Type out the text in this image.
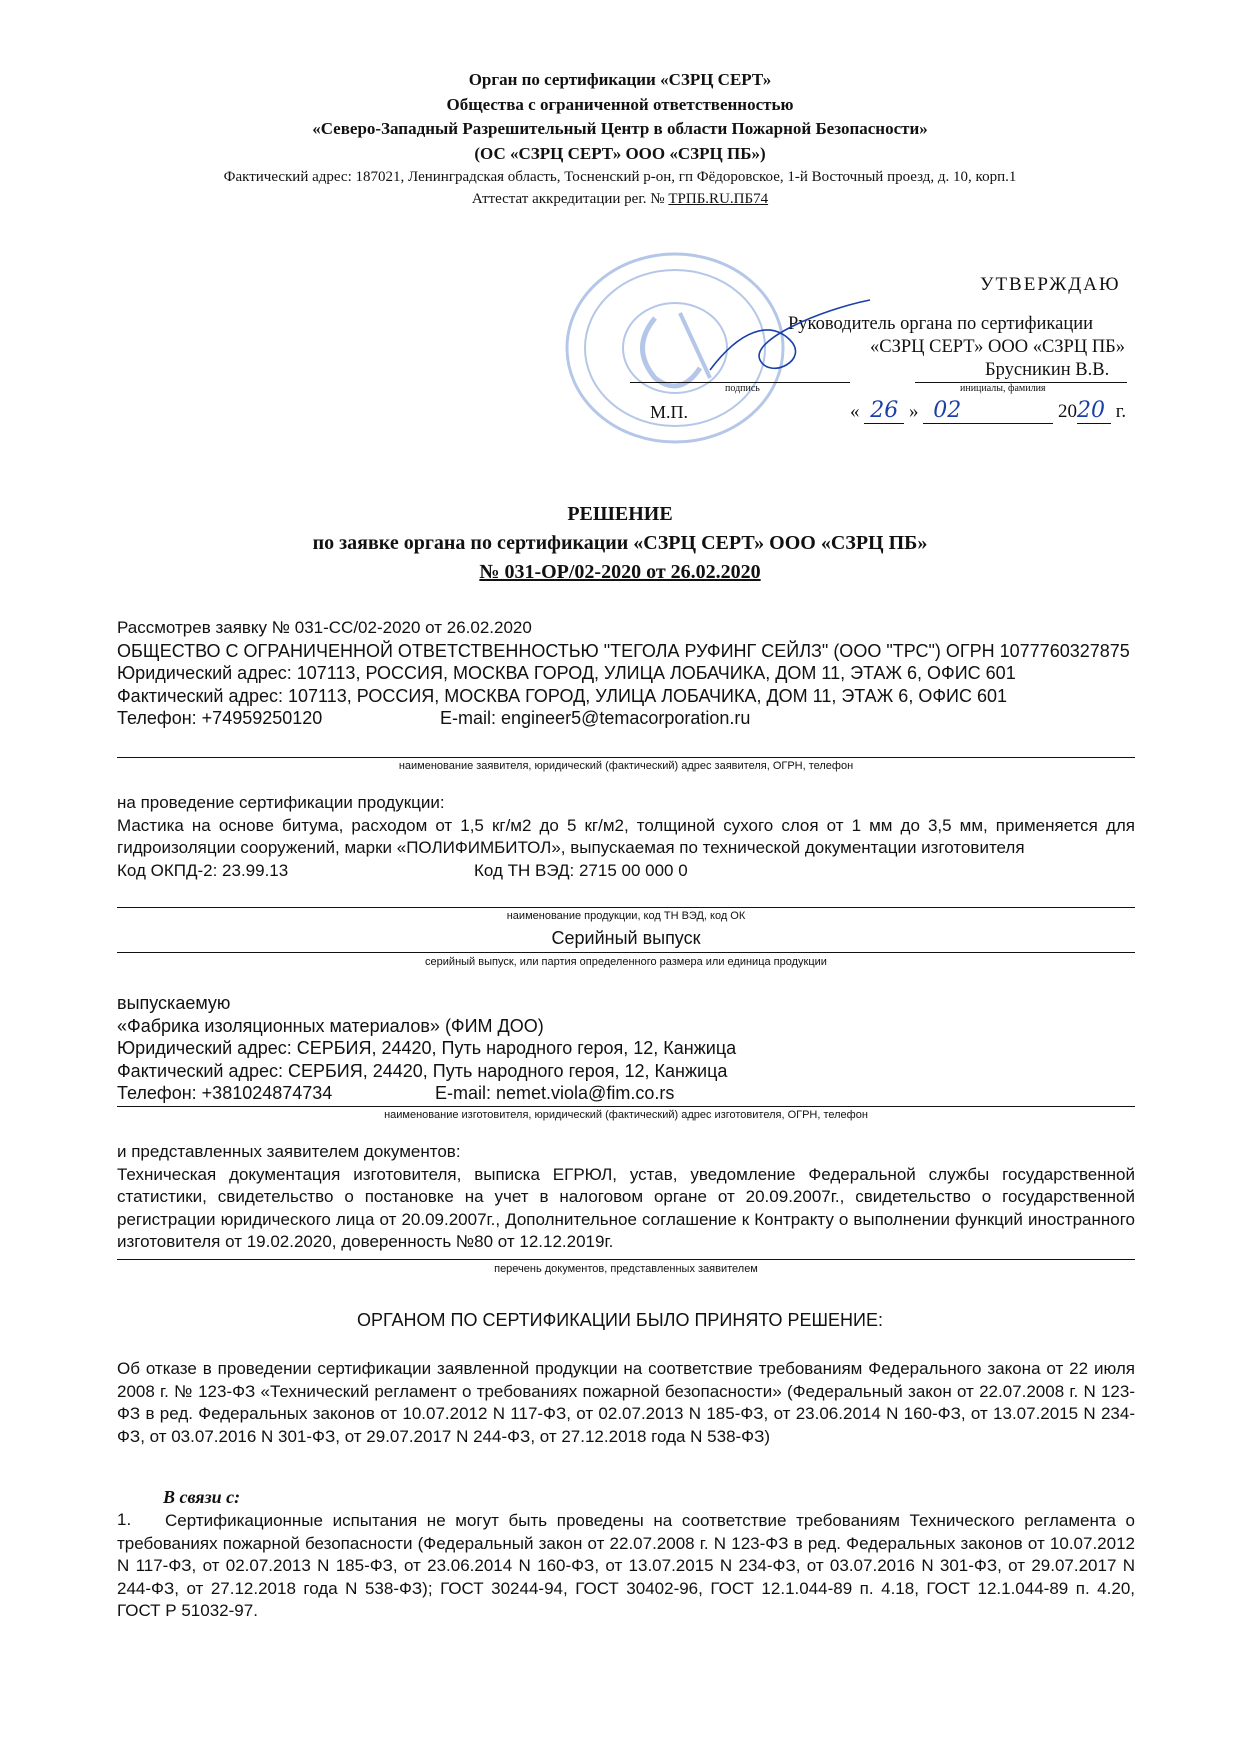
Орган по сертификации «СЗРЦ СЕРТ»
Общества с ограниченной ответственностью
«Северо-Западный Разрешительный Центр в области Пожарной Безопасности»
(ОС «СЗРЦ СЕРТ» ООО «СЗРЦ ПБ»)
Фактический адрес: 187021, Ленинградская область, Тосненский р-он, гп Фёдоровское, 1-й Восточный проезд, д. 10, корп.1
Аттестат аккредитации рег. № ТРПБ.RU.ПБ74
УТВЕРЖДАЮ
Руководитель органа по сертификации
«СЗРЦ СЕРТ» ООО «СЗРЦ ПБ»
Брусникин В.В.
подпись	инициалы, фамилия
М.П.	« 26 » 02	2020 г.
РЕШЕНИЕ
по заявке органа по сертификации «СЗРЦ СЕРТ» ООО «СЗРЦ ПБ»
№ 031-ОР/02-2020 от 26.02.2020
Рассмотрев заявку № 031-СС/02-2020 от 26.02.2020
ОБЩЕСТВО С ОГРАНИЧЕННОЙ ОТВЕТСТВЕННОСТЬЮ "ТЕГОЛА РУФИНГ СЕЙЛЗ" (ООО "ТРС") ОГРН 1077760327875
Юридический адрес: 107113, РОССИЯ, МОСКВА ГОРОД, УЛИЦА ЛОБАЧИКА, ДОМ 11, ЭТАЖ 6, ОФИС 601
Фактический адрес: 107113, РОССИЯ, МОСКВА ГОРОД, УЛИЦА ЛОБАЧИКА, ДОМ 11, ЭТАЖ 6, ОФИС 601
Телефон: +74959250120	E-mail: engineer5@temacorporation.ru
наименование заявителя, юридический (фактический) адрес заявителя, ОГРН, телефон
на проведение сертификации продукции:
Мастика на основе битума, расходом от 1,5 кг/м2 до 5 кг/м2, толщиной сухого слоя от 1 мм до 3,5 мм, применяется для гидроизоляции сооружений, марки «ПОЛИФИМБИТОЛ», выпускаемая по технической документации изготовителя
Код ОКПД-2: 23.99.13	Код ТН ВЭД: 2715 00 000 0
наименование продукции, код ТН ВЭД, код ОК
Серийный выпуск
серийный выпуск, или партия определенного размера или единица продукции
выпускаемую
«Фабрика изоляционных материалов» (ФИМ ДОО)
Юридический адрес: СЕРБИЯ, 24420, Путь народного героя, 12, Канжица
Фактический адрес: СЕРБИЯ, 24420, Путь народного героя, 12, Канжица
Телефон: +381024874734	E-mail: nemet.viola@fim.co.rs
наименование изготовителя, юридический (фактический) адрес изготовителя, ОГРН, телефон
и представленных заявителем документов:
Техническая документация изготовителя, выписка ЕГРЮЛ, устав, уведомление Федеральной службы государственной статистики, свидетельство о постановке на учет в налоговом органе от 20.09.2007г., свидетельство о государственной регистрации юридического лица от 20.09.2007г., Дополнительное соглашение к Контракту о выполнении функций иностранного изготовителя от 19.02.2020, доверенность №80 от 12.12.2019г.
перечень документов, представленных заявителем
ОРГАНОМ ПО СЕРТИФИКАЦИИ БЫЛО ПРИНЯТО РЕШЕНИЕ:
Об отказе в проведении сертификации заявленной продукции на соответствие требованиям Федерального закона от 22 июля 2008 г. № 123-ФЗ «Технический регламент о требованиях пожарной безопасности» (Федеральный закон от 22.07.2008 г. N 123-ФЗ в ред. Федеральных законов от 10.07.2012 N 117-ФЗ, от 02.07.2013 N 185-ФЗ, от 23.06.2014 N 160-ФЗ, от 13.07.2015 N 234-ФЗ, от 03.07.2016 N 301-ФЗ, от 29.07.2017 N 244-ФЗ, от 27.12.2018 года N 538-ФЗ)
В связи с:
1.	Сертификационные испытания не могут быть проведены на соответствие требованиям Технического регламента о требованиях пожарной безопасности (Федеральный закон от 22.07.2008 г. N 123-ФЗ в ред. Федеральных законов от 10.07.2012 N 117-ФЗ, от 02.07.2013 N 185-ФЗ, от 23.06.2014 N 160-ФЗ, от 13.07.2015 N 234-ФЗ, от 03.07.2016 N 301-ФЗ, от 29.07.2017 N 244-ФЗ, от 27.12.2018 года N 538-ФЗ); ГОСТ 30244-94, ГОСТ 30402-96, ГОСТ 12.1.044-89 п. 4.18, ГОСТ 12.1.044-89 п. 4.20, ГОСТ Р 51032-97.
